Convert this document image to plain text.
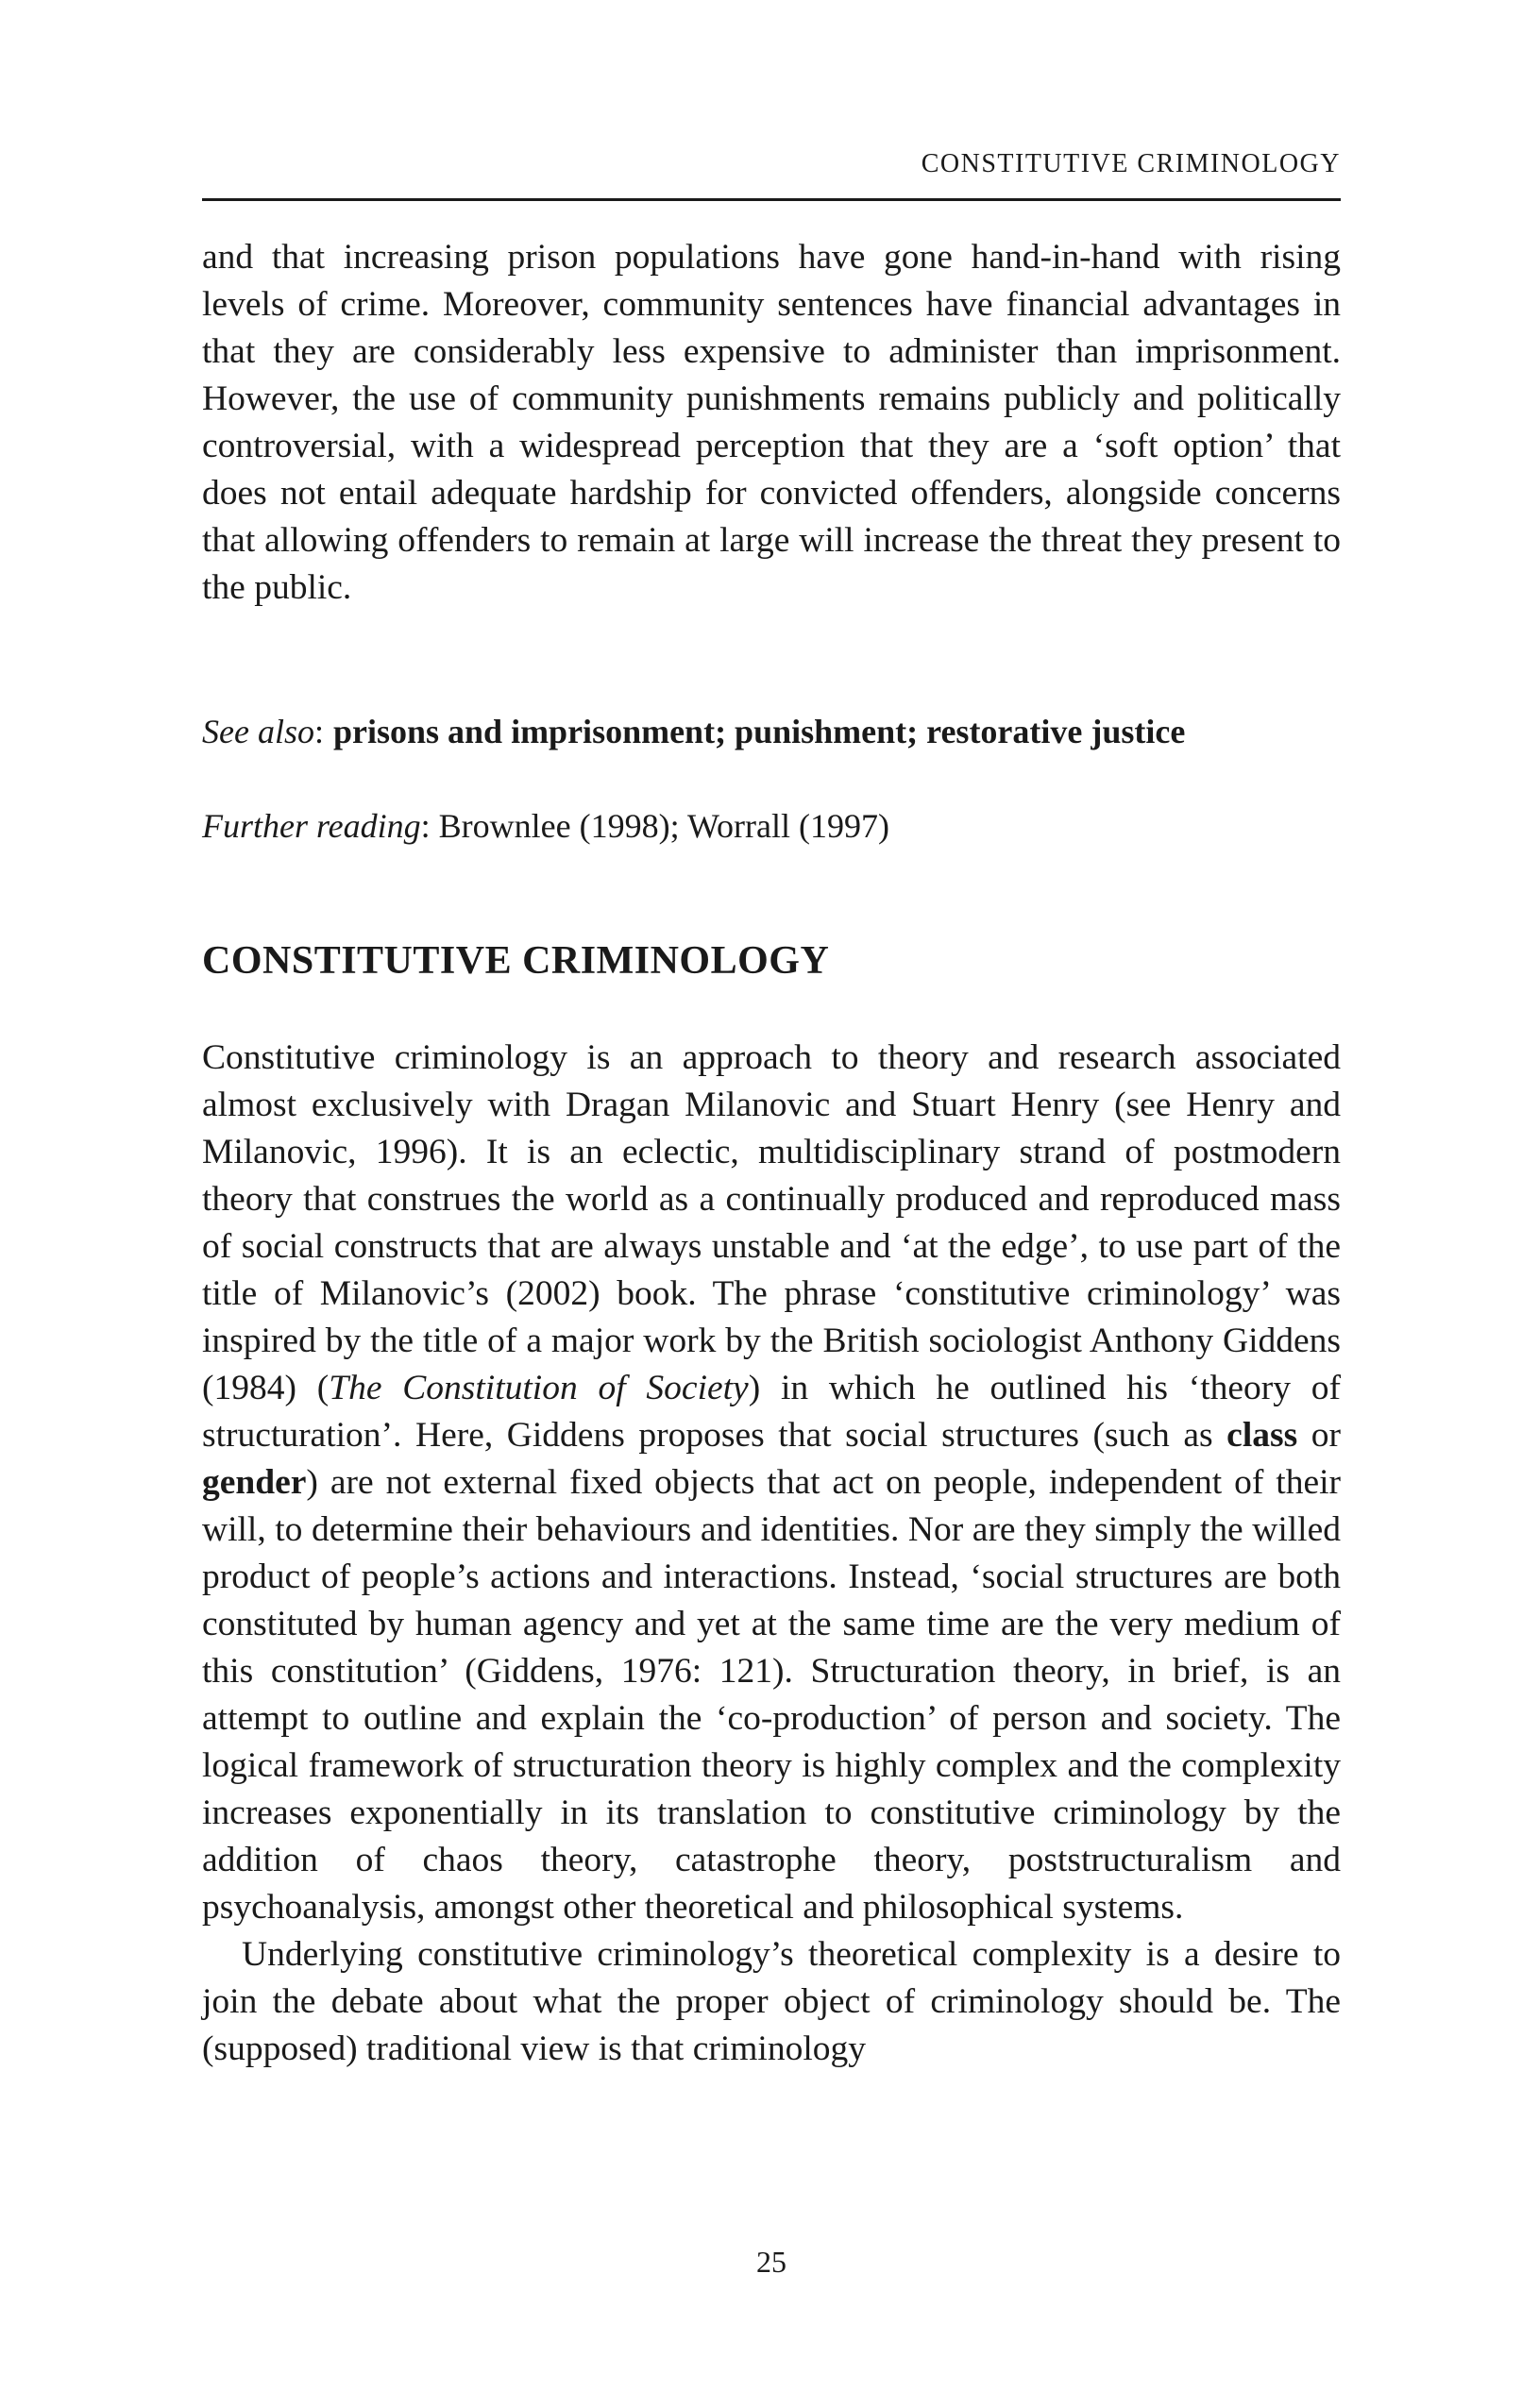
CONSTITUTIVE CRIMINOLOGY

and that increasing prison populations have gone hand-in-hand with rising levels of crime. Moreover, community sentences have financial advantages in that they are considerably less expensive to administer than imprisonment. However, the use of community punishments remains publicly and politically controversial, with a widespread perception that they are a ‘soft option’ that does not entail adequate hardship for convicted offenders, alongside concerns that allowing offenders to remain at large will increase the threat they present to the public.

See also: prisons and imprisonment; punishment; restorative justice
Further reading: Brownlee (1998); Worrall (1997)
CONSTITUTIVE CRIMINOLOGY

Constitutive criminology is an approach to theory and research associated almost exclusively with Dragan Milanovic and Stuart Henry (see Henry and Milanovic, 1996). It is an eclectic, multidisciplinary strand of postmodern theory that construes the world as a continually produced and reproduced mass of social constructs that are always unstable and ‘at the edge’, to use part of the title of Milanovic’s (2002) book. The phrase ‘constitutive criminology’ was inspired by the title of a major work by the British sociologist Anthony Giddens (1984) (The Constitution of Society) in which he outlined his ‘theory of structuration’. Here, Giddens proposes that social structures (such as class or gender) are not external fixed objects that act on people, independent of their will, to determine their behaviours and identities. Nor are they simply the willed product of people’s actions and interactions. Instead, ‘social structures are both constituted by human agency and yet at the same time are the very medium of this constitution’ (Giddens, 1976: 121). Structuration theory, in brief, is an attempt to outline and explain the ‘co-production’ of person and society. The logical framework of structuration theory is highly complex and the complexity increases exponentially in its translation to constitutive criminology by the addition of chaos theory, catastrophe theory, poststructuralism and psychoanalysis, amongst other theoretical and philosophical systems.

Underlying constitutive criminology’s theoretical complexity is a desire to join the debate about what the proper object of criminology should be. The (supposed) traditional view is that criminology

25
